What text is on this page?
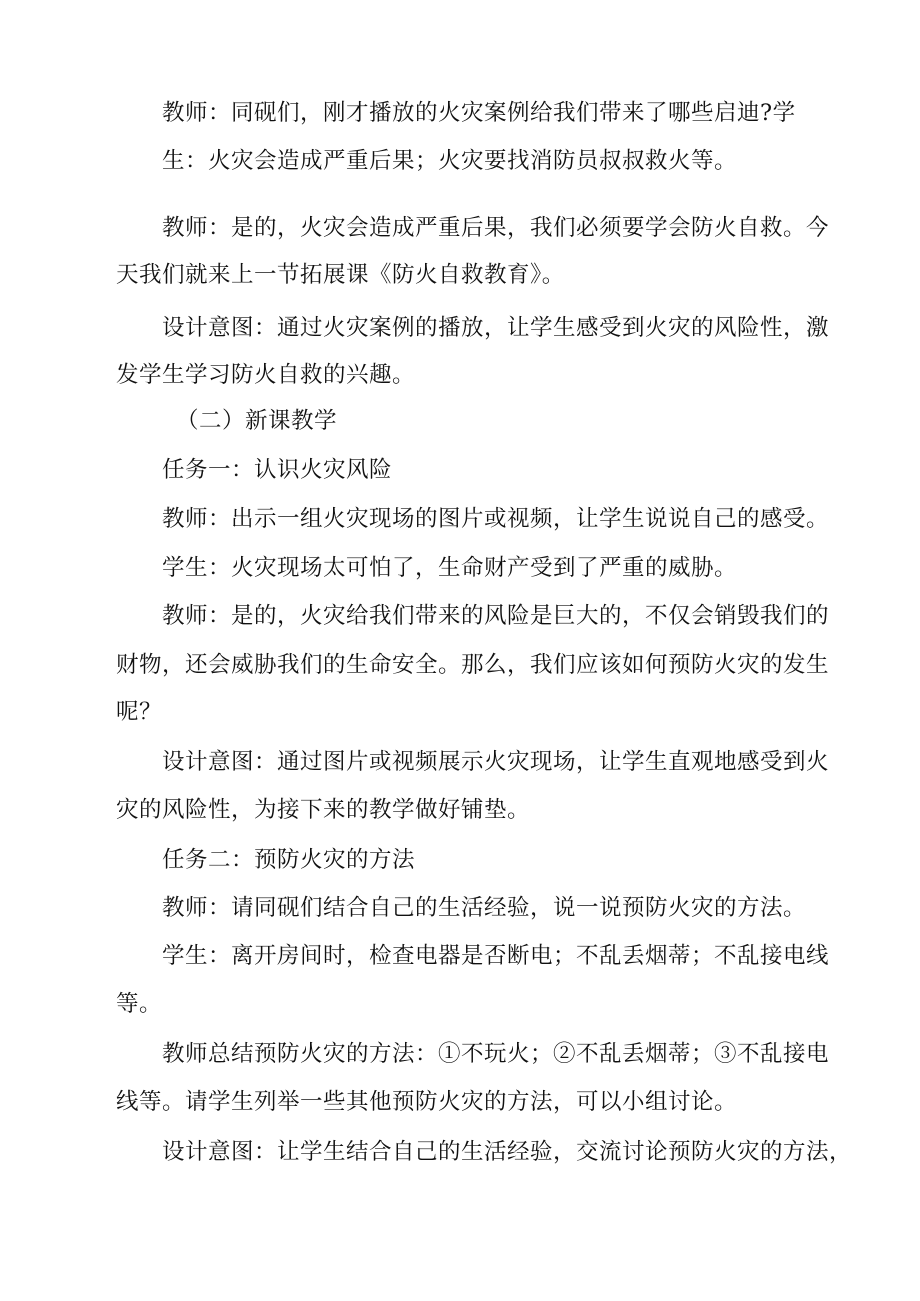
教师：同砚们，刚才播放的火灾案例给我们带来了哪些启迪?学
生：火灾会造成严重后果；火灾要找消防员叔叔救火等。
教师：是的，火灾会造成严重后果，我们必须要学会防火自救。今
天我们就来上一节拓展课《防火自救教育》。
设计意图：通过火灾案例的播放，让学生感受到火灾的风险性，激
发学生学习防火自救的兴趣。
（二）新课教学
任务一：认识火灾风险
教师：出示一组火灾现场的图片或视频，让学生说说自己的感受。
学生：火灾现场太可怕了，生命财产受到了严重的威胁。
教师：是的，火灾给我们带来的风险是巨大的，不仅会销毁我们的
财物，还会威胁我们的生命安全。那么，我们应该如何预防火灾的发生
呢？
设计意图：通过图片或视频展示火灾现场，让学生直观地感受到火
灾的风险性，为接下来的教学做好铺垫。
任务二：预防火灾的方法
教师：请同砚们结合自己的生活经验，说一说预防火灾的方法。
学生：离开房间时，检查电器是否断电；不乱丢烟蒂；不乱接电线
等。
教师总结预防火灾的方法：①不玩火；②不乱丢烟蒂；③不乱接电
线等。请学生列举一些其他预防火灾的方法，可以小组讨论。
设计意图：让学生结合自己的生活经验，交流讨论预防火灾的方法，
